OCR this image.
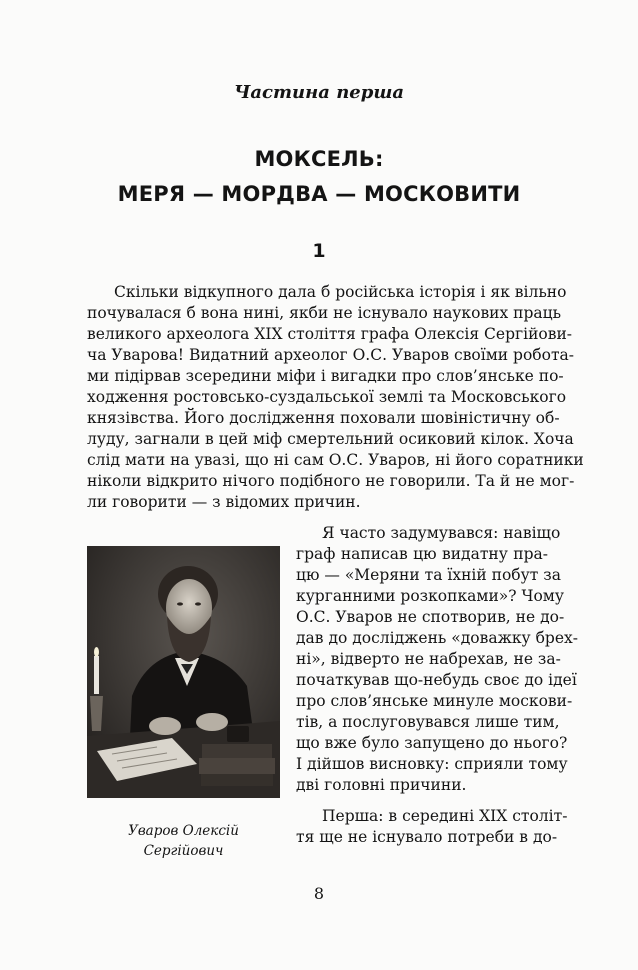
Частина перша
МОКСЕЛЬ:
МЕРЯ — МОРДВА — МОСКОВИТИ
1
Скільки відкупного дала б російська історія і як вільно
почувалася б вона нині, якби не існувало наукових праць
великого археолога ХІХ століття графа Олексія Сергійови-
ча Уварова! Видатний археолог О.С. Уваров своїми робота-
ми підірвав зсередини міфи і вигадки про слов’янське по-
ходження ростовсько-суздальської землі та Московського
князівства. Його дослідження поховали шовіністичну об-
луду, загнали в цей міф смертельний осиковий кілок. Хоча
слід мати на увазі, що ні сам О.С. Уваров, ні його соратники
ніколи відкрито нічого подібного не говорили. Та й не мог-
ли говорити — з відомих причин.
Я часто задумувався: навіщо
граф написав цю видатну пра-
цю — «Меряни та їхній побут за
курганними розкопками»? Чому
О.С. Уваров не спотворив, не до-
дав до досліджень «доважку брех-
ні», відверто не набрехав, не за-
початкував що-небудь своє до ідеї
про слов’янське минуле москови-
тів, а послуговувався лише тим,
що вже було запущено до нього?
І дійшов висновку: сприяли тому
дві головні причини.
Перша: в середині ХІХ століт-
тя ще не існувало потреби в до-
Уваров Олексій
Сергійович
8
